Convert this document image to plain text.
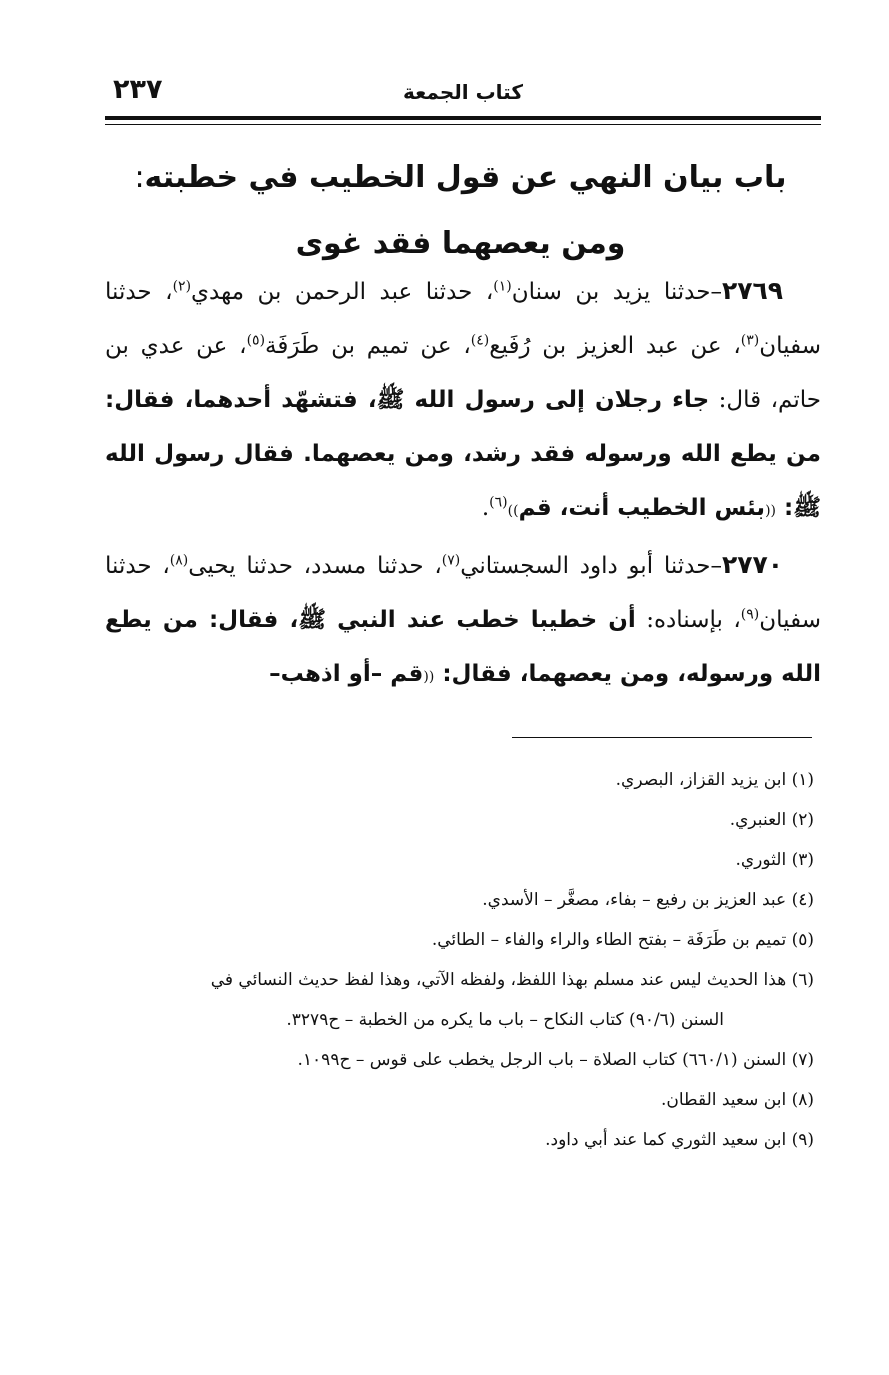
٢٣٧	كتاب الجمعة
باب بيان النهي عن قول الخطيب في خطبته: ومن يعصهما فقد غوى

٢٧٦٩–حدثنا يزيد بن سنان$^{(١)}$، حدثنا عبد الرحمن بن مهدي$^{(٢)}$، حدثنا سفيان$^{(٣)}$، عن عبد العزيز بن رُفَيع$^{(٤)}$، عن تميم بن طَرَفَة$^{(٥)}$، عن عدي بن حاتم، قال: جاء رجلان إلى رسول الله ﷺ، فتشهّد أحدهما، فقال: من يطع الله ورسوله فقد رشد، ومن يعصهما. فقال رسول الله ﷺ: ((بئس الخطيب أنت، قم))$^{(٦)}$.

٢٧٧٠–حدثنا أبو داود السجستاني$^{(٧)}$، حدثنا مسدد، حدثنا يحيى$^{(٨)}$، حدثنا سفيان$^{(٩)}$، بإسناده: أن خطيبا خطب عند النبي ﷺ، فقال: من يطع الله ورسوله، ومن يعصهما، فقال: ((قم –أو اذهب–

(١) ابن يزيد القزاز، البصري.

(٢) العنبري.

(٣) الثوري.

(٤) عبد العزيز بن رفيع – بفاء، مصغَّر – الأسدي.

(٥) تميم بن طَرَفَة – بفتح الطاء والراء والفاء – الطائي.

(٦) هذا الحديث ليس عند مسلم بهذا اللفظ، ولفظه الآتي، وهذا لفظ حديث النسائي في

السنن (٩٠/٦) كتاب النكاح – باب ما يكره من الخطبة – ح٣٢٧٩.

(٧) السنن (٦٦٠/١) كتاب الصلاة – باب الرجل يخطب على قوس – ح١٠٩٩.

(٨) ابن سعيد القطان.

(٩) ابن سعيد الثوري كما عند أبي داود.
